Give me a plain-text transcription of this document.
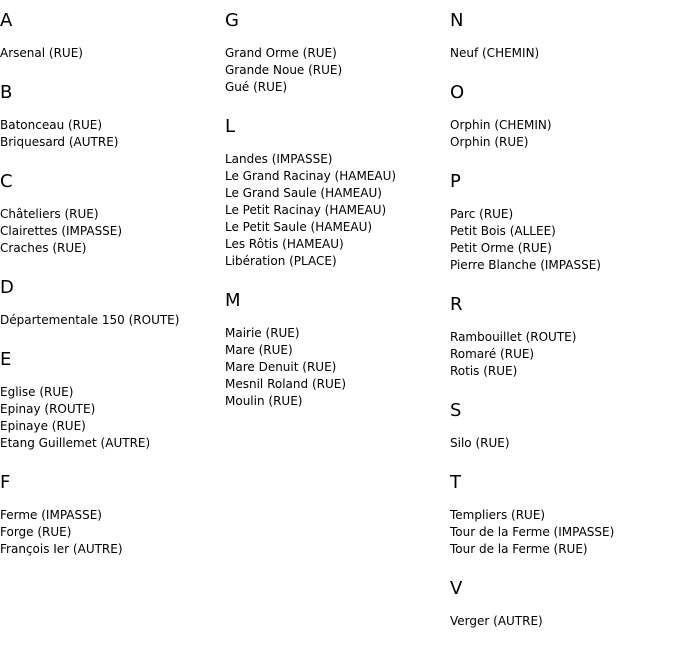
A
Arsenal (RUE)
B
Batonceau (RUE)
Briquesard (AUTRE)
C
Châteliers (RUE)
Clairettes (IMPASSE)
Craches (RUE)
D
Départementale 150 (ROUTE)
E
Eglise (RUE)
Epinay (ROUTE)
Epinaye (RUE)
Etang Guillemet (AUTRE)
F
Ferme (IMPASSE)
Forge (RUE)
François Ier (AUTRE)
G
Grand Orme (RUE)
Grande Noue (RUE)
Gué (RUE)
L
Landes (IMPASSE)
Le Grand Racinay (HAMEAU)
Le Grand Saule (HAMEAU)
Le Petit Racinay (HAMEAU)
Le Petit Saule (HAMEAU)
Les Rôtis (HAMEAU)
Libération (PLACE)
M
Mairie (RUE)
Mare (RUE)
Mare Denuit (RUE)
Mesnil Roland (RUE)
Moulin (RUE)
N
Neuf (CHEMIN)
O
Orphin (CHEMIN)
Orphin (RUE)
P
Parc (RUE)
Petit Bois (ALLEE)
Petit Orme (RUE)
Pierre Blanche (IMPASSE)
R
Rambouillet (ROUTE)
Romaré (RUE)
Rotis (RUE)
S
Silo (RUE)
T
Templiers (RUE)
Tour de la Ferme (IMPASSE)
Tour de la Ferme (RUE)
V
Verger (AUTRE)
